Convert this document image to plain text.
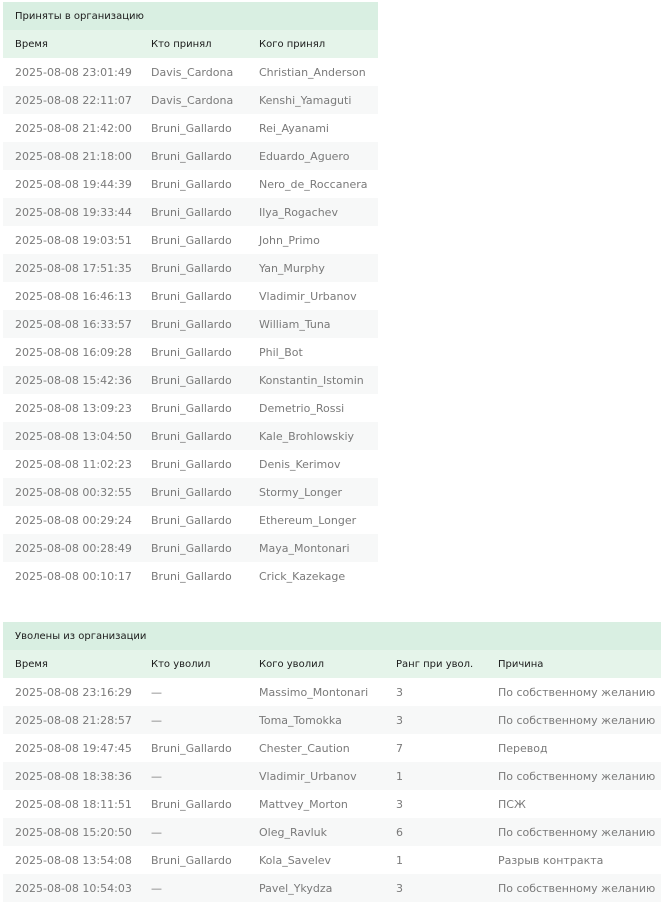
Приняты в организацию		
Время	Кто принял	Кого принял
2025-08-08 23:01:49	Davis_Cardona	Christian_Anderson
2025-08-08 22:11:07	Davis_Cardona	Kenshi_Yamaguti
2025-08-08 21:42:00	Bruni_Gallardo	Rei_Ayanami
2025-08-08 21:18:00	Bruni_Gallardo	Eduardo_Aguero
2025-08-08 19:44:39	Bruni_Gallardo	Nero_de_Roccanera
2025-08-08 19:33:44	Bruni_Gallardo	Ilya_Rogachev
2025-08-08 19:03:51	Bruni_Gallardo	John_Primo
2025-08-08 17:51:35	Bruni_Gallardo	Yan_Murphy
2025-08-08 16:46:13	Bruni_Gallardo	Vladimir_Urbanov
2025-08-08 16:33:57	Bruni_Gallardo	William_Tuna
2025-08-08 16:09:28	Bruni_Gallardo	Phil_Bot
2025-08-08 15:42:36	Bruni_Gallardo	Konstantin_Istomin
2025-08-08 13:09:23	Bruni_Gallardo	Demetrio_Rossi
2025-08-08 13:04:50	Bruni_Gallardo	Kale_Brohlowskiy
2025-08-08 11:02:23	Bruni_Gallardo	Denis_Kerimov
2025-08-08 00:32:55	Bruni_Gallardo	Stormy_Longer
2025-08-08 00:29:24	Bruni_Gallardo	Ethereum_Longer
2025-08-08 00:28:49	Bruni_Gallardo	Maya_Montonari
2025-08-08 00:10:17	Bruni_Gallardo	Crick_Kazekage
Уволены из организации				
Время	Кто уволил	Кого уволил	Ранг при увол.	Причина
2025-08-08 23:16:29	—	Massimo_Montonari	3	По собственному желанию
2025-08-08 21:28:57	—	Toma_Tomokka	3	По собственному желанию
2025-08-08 19:47:45	Bruni_Gallardo	Chester_Caution	7	Перевод
2025-08-08 18:38:36	—	Vladimir_Urbanov	1	По собственному желанию
2025-08-08 18:11:51	Bruni_Gallardo	Mattvey_Morton	3	ПСЖ
2025-08-08 15:20:50	—	Oleg_Ravluk	6	По собственному желанию
2025-08-08 13:54:08	Bruni_Gallardo	Kola_Savelev	1	Разрыв контракта
2025-08-08 10:54:03	—	Pavel_Ykydza	3	По собственному желанию
